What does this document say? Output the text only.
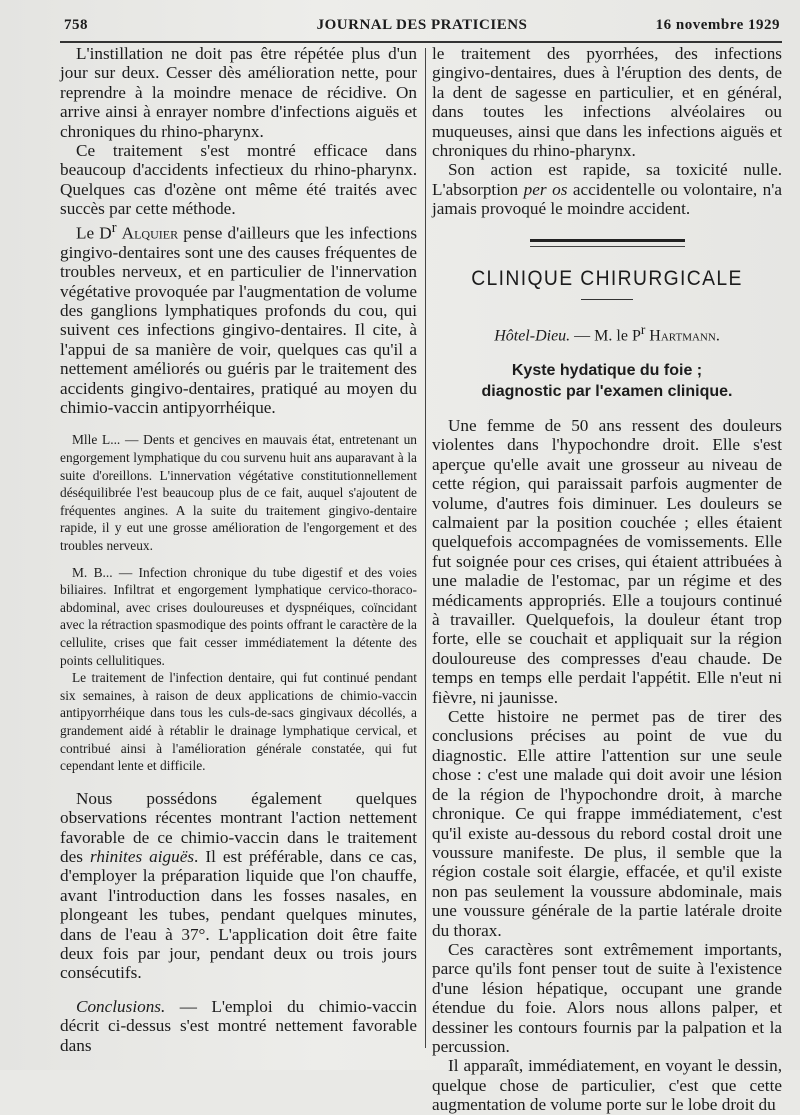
758	JOURNAL DES PRATICIENS	16 novembre 1929

L'instillation ne doit pas être répétée plus d'un jour sur deux. Cesser dès amélioration nette, pour reprendre à la moindre menace de récidive. On arrive ainsi à enrayer nombre d'infections aiguës et chroniques du rhino-pharynx.

Ce traitement s'est montré efficace dans beaucoup d'accidents infectieux du rhino-pharynx. Quelques cas d'ozène ont même été traités avec succès par cette méthode.

Le $D^r$ Alquier pense d'ailleurs que les infections gingivo-dentaires sont une des causes fréquentes de troubles nerveux, et en particulier de l'innervation végétative provoquée par l'augmentation de volume des ganglions lymphatiques profonds du cou, qui suivent ces infections gingivo-dentaires. Il cite, à l'appui de sa manière de voir, quelques cas qu'il a nettement améliorés ou guéris par le traitement des accidents gingivo-dentaires, pratiqué au moyen du chimio-vaccin antipyorrhéique.

Mlle L... — Dents et gencives en mauvais état, entretenant un engorgement lymphatique du cou survenu huit ans auparavant à la suite d'oreillons. L'innervation végétative constitutionnellement déséquilibrée l'est beaucoup plus de ce fait, auquel s'ajoutent de fréquentes angines. A la suite du traitement gingivo-dentaire rapide, il y eut une grosse amélioration de l'engorgement et des troubles nerveux.

M. B... — Infection chronique du tube digestif et des voies biliaires. Infiltrat et engorgement lymphatique cervico-thoraco-abdominal, avec crises douloureuses et dyspnéiques, coïncidant avec la rétraction spasmodique des points offrant le caractère de la cellulite, crises que fait cesser immédiatement la détente des points cellulitiques.

Le traitement de l'infection dentaire, qui fut continué pendant six semaines, à raison de deux applications de chimio-vaccin antipyorrhéique dans tous les culs-de-sacs gingivaux décollés, a grandement aidé à rétablir le drainage lymphatique cervical, et contribué ainsi à l'amélioration générale constatée, qui fut cependant lente et difficile.

Nous possédons également quelques observations récentes montrant l'action nettement favorable de ce chimio-vaccin dans le traitement des rhinites aiguës. Il est préférable, dans ce cas, d'employer la préparation liquide que l'on chauffe, avant l'introduction dans les fosses nasales, en plongeant les tubes, pendant quelques minutes, dans de l'eau à 37°. L'application doit être faite deux fois par jour, pendant deux ou trois jours consécutifs.

Conclusions. — L'emploi du chimio-vaccin décrit ci-dessus s'est montré nettement favorable dans

le traitement des pyorrhées, des infections gingivo-dentaires, dues à l'éruption des dents, de la dent de sagesse en particulier, et en général, dans toutes les infections alvéolaires ou muqueuses, ainsi que dans les infections aiguës et chroniques du rhino-pharynx.

Son action est rapide, sa toxicité nulle. L'absorption per os accidentelle ou volontaire, n'a jamais provoqué le moindre accident.

CLINIQUE CHIRURGICALE

Hôtel-Dieu. — M. le $P^r$ Hartmann.

Kyste hydatique du foie ;
diagnostic par l'examen clinique.

Une femme de 50 ans ressent des douleurs violentes dans l'hypochondre droit. Elle s'est aperçue qu'elle avait une grosseur au niveau de cette région, qui paraissait parfois augmenter de volume, d'autres fois diminuer. Les douleurs se calmaient par la position couchée ; elles étaient quelquefois accompagnées de vomissements. Elle fut soignée pour ces crises, qui étaient attribuées à une maladie de l'estomac, par un régime et des médicaments appropriés. Elle a toujours continué à travailler. Quelquefois, la douleur étant trop forte, elle se couchait et appliquait sur la région douloureuse des compresses d'eau chaude. De temps en temps elle perdait l'appétit. Elle n'eut ni fièvre, ni jaunisse.

Cette histoire ne permet pas de tirer des conclusions précises au point de vue du diagnostic. Elle attire l'attention sur une seule chose : c'est une malade qui doit avoir une lésion de la région de l'hypochondre droit, à marche chronique. Ce qui frappe immédiatement, c'est qu'il existe au-dessous du rebord costal droit une voussure manifeste. De plus, il semble que la région costale soit élargie, effacée, et qu'il existe non pas seulement la voussure abdominale, mais une voussure générale de la partie latérale droite du thorax.

Ces caractères sont extrêmement importants, parce qu'ils font penser tout de suite à l'existence d'une lésion hépatique, occupant une grande étendue du foie. Alors nous allons palper, et dessiner les contours fournis par la palpation et la percussion.

Il apparaît, immédiatement, en voyant le dessin, quelque chose de particulier, c'est que cette augmentation de volume porte sur le lobe droit du
